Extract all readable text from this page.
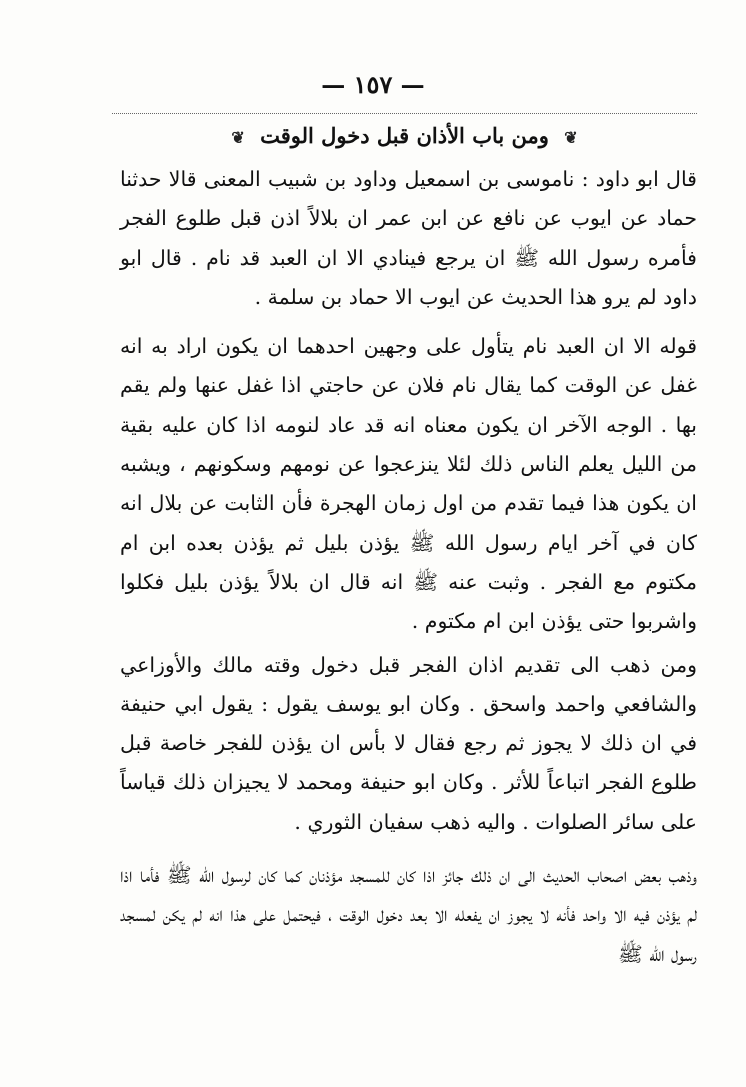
— ١٥٧ —
❦ ومن باب الأذان قبل دخول الوقت ❦

قال ابو داود : ناموسى بن اسمعيل وداود بن شبيب المعنى قالا حدثنا حماد عن ايوب عن نافع عن ابن عمر ان بلالاً اذن قبل طلوع الفجر فأمره رسول الله ﷺ ان يرجع فينادي الا ان العبد قد نام . قال ابو داود لم يرو هذا الحديث عن ايوب الا حماد بن سلمة .

قوله الا ان العبد نام يتأول على وجهين احدهما ان يكون اراد به انه غفل عن الوقت كما يقال نام فلان عن حاجتي اذا غفل عنها ولم يقم بها . الوجه الآخر ان يكون معناه انه قد عاد لنومه اذا كان عليه بقية من الليل يعلم الناس ذلك لئلا ينزعجوا عن نومهم وسكونهم ، ويشبه ان يكون هذا فيما تقدم من اول زمان الهجرة فأن الثابت عن بلال انه كان في آخر ايام رسول الله ﷺ يؤذن بليل ثم يؤذن بعده ابن ام مكتوم مع الفجر . وثبت عنه ﷺ انه قال ان بلالاً يؤذن بليل فكلوا واشربوا حتى يؤذن ابن ام مكتوم .

ومن ذهب الى تقديم اذان الفجر قبل دخول وقته مالك والأوزاعي والشافعي واحمد واسحق . وكان ابو يوسف يقول : يقول ابي حنيفة في ان ذلك لا يجوز ثم رجع فقال لا بأس ان يؤذن للفجر خاصة قبل طلوع الفجر اتباعاً للأثر . وكان ابو حنيفة ومحمد لا يجيزان ذلك قياساً على سائر الصلوات . واليه ذهب سفيان الثوري .

وذهب بعض اصحاب الحديث الى ان ذلك جائز اذا كان للمسجد مؤذنان كما كان لرسول الله ﷺ فأما اذا لم يؤذن فيه الا واحد فأنه لا يجوز ان يفعله الا بعد دخول الوقت ، فيحتمل على هذا انه لم يكن لمسجد رسول الله ﷺ
